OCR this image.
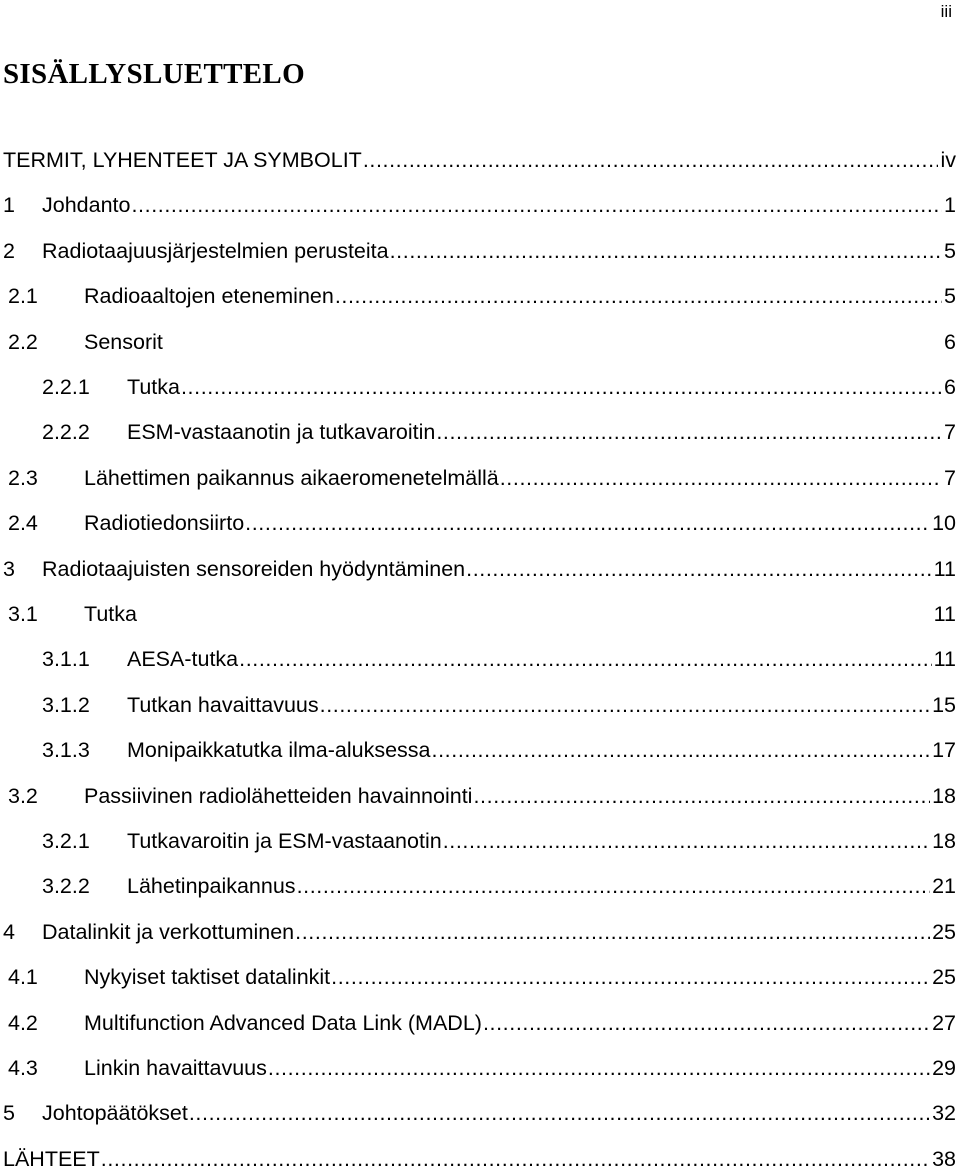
iii
SISÄLLYSLUETTELO
TERMIT, LYHENTEET JA SYMBOLIT .....	iv
1 Johdanto .....	1
2 Radiotaajuusjärjestelmien perusteita .....	5
2.1 Radioaaltojen eteneminen .....	5
2.2 Sensorit	6
2.2.1 Tutka .....	6
2.2.2 ESM-vastaanotin ja tutkavaroitin .....	7
2.3 Lähettimen paikannus aikaeromenetelmällä .....	7
2.4 Radiotiedonsiirto .....	10
3 Radiotaajuisten sensoreiden hyödyntäminen .....	11
3.1 Tutka	11
3.1.1 AESA-tutka .....	11
3.1.2 Tutkan havaittavuus .....	15
3.1.3 Monipaikkatutka ilma-aluksessa .....	17
3.2 Passiivinen radiolähetteiden havainnointi .....	18
3.2.1 Tutkavaroitin ja ESM-vastaanotin .....	18
3.2.2 Lähetinpaikannus .....	21
4 Datalinkit ja verkottuminen .....	25
4.1 Nykyiset taktiset datalinkit .....	25
4.2 Multifunction Advanced Data Link (MADL) .....	27
4.3 Linkin havaittavuus .....	29
5 Johtopäätökset .....	32
LÄHTEET .....	38
